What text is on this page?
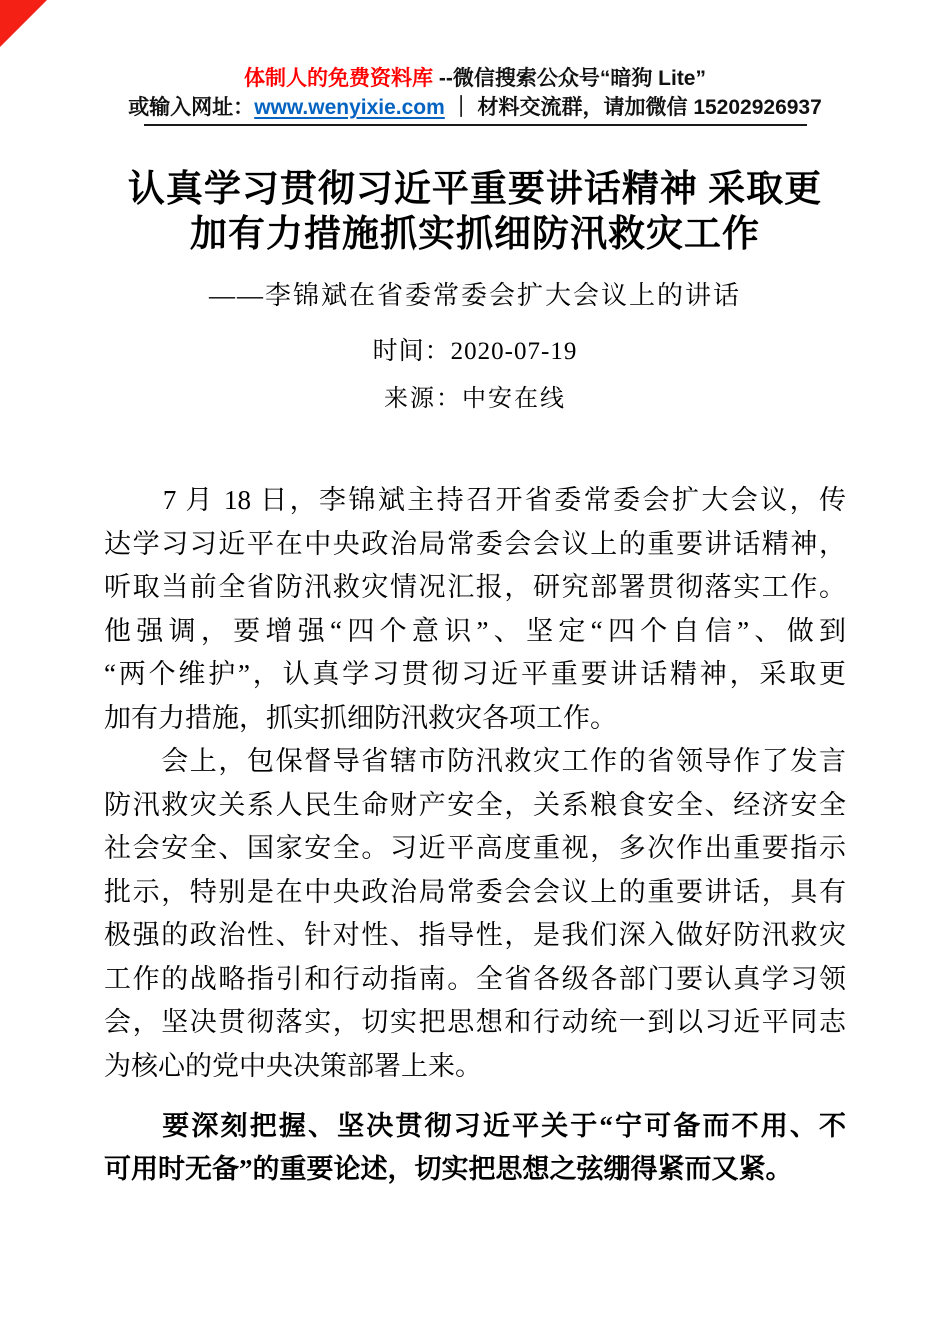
体制人的免费资料库 --微信搜索公众号“暗狗 Lite”
或输入网址：www.wenyixie.com ｜ 材料交流群，请加微信 15202926937
认真学习贯彻习近平重要讲话精神 采取更
加有力措施抓实抓细防汛救灾工作
——李锦斌在省委常委会扩大会议上的讲话
时间：2020-07-19
来源：中安在线
　　7 月 18 日，李锦斌主持召开省委常委会扩大会议，传
达学习习近平在中央政治局常委会会议上的重要讲话精神，
听取当前全省防汛救灾情况汇报，研究部署贯彻落实工作。
他强调，要增强“四个意识”、坚定“四个自信”、做到
“两个维护”，认真学习贯彻习近平重要讲话精神，采取更
加有力措施，抓实抓细防汛救灾各项工作。
　　会上，包保督导省辖市防汛救灾工作的省领导作了发言
防汛救灾关系人民生命财产安全，关系粮食安全、经济安全
社会安全、国家安全。习近平高度重视，多次作出重要指示
批示，特别是在中央政治局常委会会议上的重要讲话，具有
极强的政治性、针对性、指导性，是我们深入做好防汛救灾
工作的战略指引和行动指南。全省各级各部门要认真学习领
会，坚决贯彻落实，切实把思想和行动统一到以习近平同志
为核心的党中央决策部署上来。
　　要深刻把握、坚决贯彻习近平关于“宁可备而不用、不
可用时无备”的重要论述，切实把思想之弦绷得紧而又紧。
